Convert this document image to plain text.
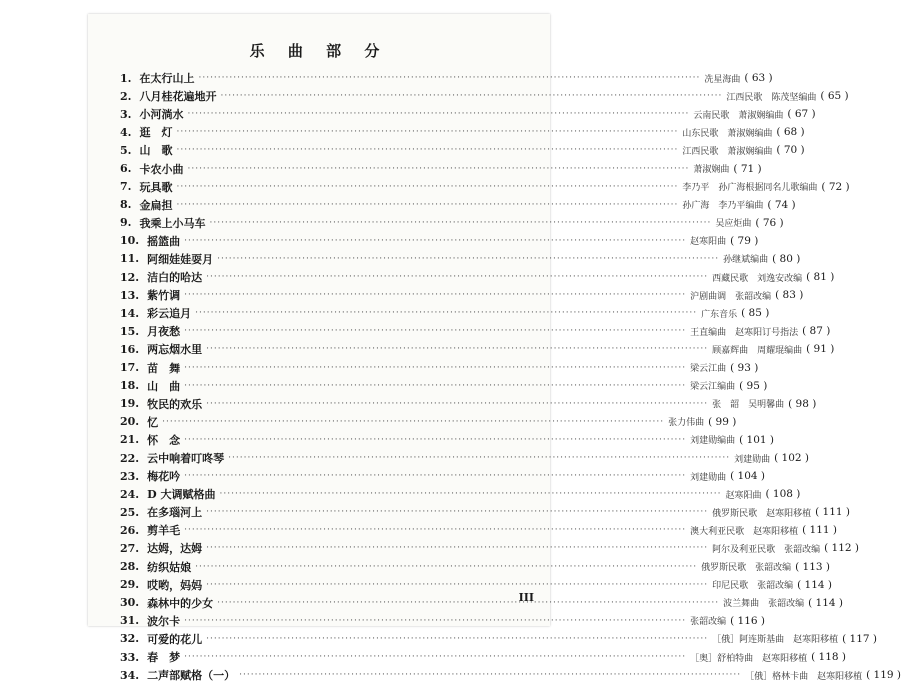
乐 曲 部 分
1. 在太行山上 ·····	冼星海曲 ( 63 )
2. 八月桂花遍地开 ·····	江西民歌　陈茂坚编曲 ( 65 )
3. 小河淌水 ·····	云南民歌　萧淑娴编曲 ( 67 )
4. 逛　灯 ·····	山东民歌　萧淑娴编曲 ( 68 )
5. 山　歌 ·····	江西民歌　萧淑娴编曲 ( 70 )
6. 卡农小曲 ·····	萧淑娴曲 ( 71 )
7. 玩具歌 ·····	李乃平　孙广海根据同名儿歌编曲 ( 72 )
8. 金扁担 ·····	孙广海　李乃平编曲 ( 74 )
9. 我乘上小马车 ·····	吴应炬曲 ( 76 )
10. 摇篮曲 ·····	赵寒阳曲 ( 79 )
11. 阿细娃娃耍月 ·····	孙继斌编曲 ( 80 )
12. 洁白的哈达 ·····	西藏民歌　刘逸安改编 ( 81 )
13. 紫竹调 ·····	沪剧曲调　张韶改编 ( 83 )
14. 彩云追月 ·····	广东音乐 ( 85 )
15. 月夜愁 ·····	王直编曲　赵寒阳订号指法 ( 87 )
16. 两忘烟水里 ·····	顾嘉辉曲　周耀琨编曲 ( 91 )
17. 苗　舞 ·····	梁云江曲 ( 93 )
18. 山　曲 ·····	梁云江编曲 ( 95 )
19. 牧民的欢乐 ·····	张　韶　吴明馨曲 ( 98 )
20. 忆 ·····	张力伟曲 ( 99 )
21. 怀　念 ·····	刘建勋编曲 ( 101 )
22. 云中响着叮咚琴 ·····	刘建勋曲 ( 102 )
23. 梅花吟 ·····	刘建勋曲 ( 104 )
24. D 大调赋格曲 ·····	赵寒阳曲 ( 108 )
25. 在多瑙河上 ·····	俄罗斯民歌　赵寒阳移植 ( 111 )
26. 剪羊毛 ·····	澳大利亚民歌　赵寒阳移植 ( 111 )
27. 达姆，达姆 ·····	阿尔及利亚民歌　张韶改编 ( 112 )
28. 纺织姑娘 ·····	俄罗斯民歌　张韶改编 ( 113 )
29. 哎哟，妈妈 ·····	印尼民歌　张韶改编 ( 114 )
30. 森林中的少女 ·····	波兰舞曲　张韶改编 ( 114 )
31. 波尔卡 ·····	张韶改编 ( 116 )
32. 可爱的花儿 ·····	［俄］阿连斯基曲　赵寒阳移植 ( 117 )
33. 春　梦 ·····	［奥］舒柏特曲　赵寒阳移植 ( 118 )
34. 二声部赋格（一） ·····	［俄］格林卡曲　赵寒阳移植 ( 119 )
III
